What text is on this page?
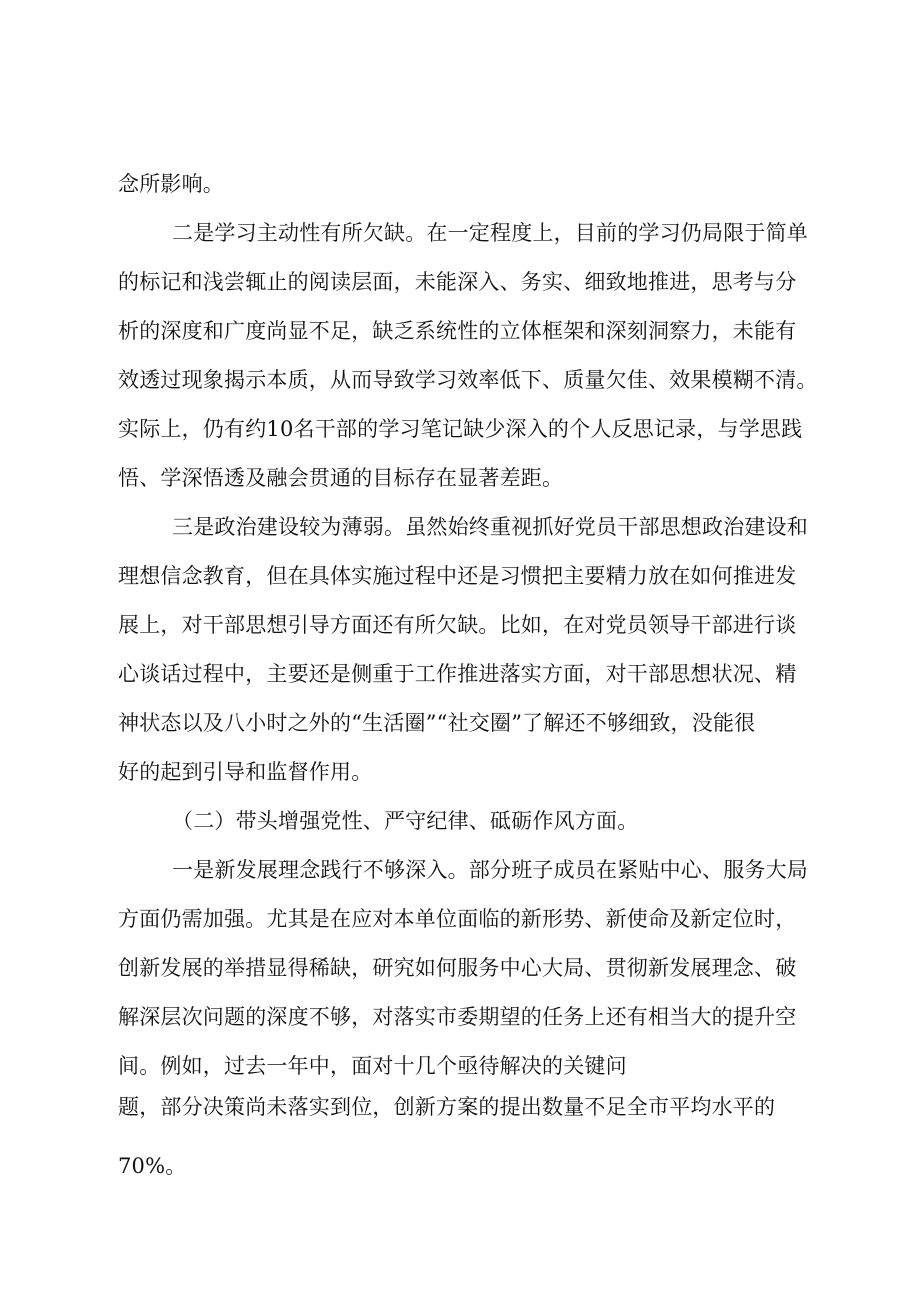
念所影响。
二是学习主动性有所欠缺。在一定程度上，目前的学习仍局限于简单
的标记和浅尝辄止的阅读层面，未能深入、务实、细致地推进，思考与分
析的深度和广度尚显不足，缺乏系统性的立体框架和深刻洞察力，未能有
效透过现象揭示本质，从而导致学习效率低下、质量欠佳、效果模糊不清。
实际上，仍有约10名干部的学习笔记缺少深入的个人反思记录，与学思践
悟、学深悟透及融会贯通的目标存在显著差距。
三是政治建设较为薄弱。虽然始终重视抓好党员干部思想政治建设和
理想信念教育，但在具体实施过程中还是习惯把主要精力放在如何推进发
展上，对干部思想引导方面还有所欠缺。比如，在对党员领导干部进行谈
心谈话过程中，主要还是侧重于工作推进落实方面，对干部思想状况、精
神状态以及八小时之外的“生活圈”“社交圈”了解还不够细致，没能很
好的起到引导和监督作用。
（二）带头增强党性、严守纪律、砥砺作风方面。
一是新发展理念践行不够深入。部分班子成员在紧贴中心、服务大局
方面仍需加强。尤其是在应对本单位面临的新形势、新使命及新定位时，
创新发展的举措显得稀缺，研究如何服务中心大局、贯彻新发展理念、破
解深层次问题的深度不够，对落实市委期望的任务上还有相当大的提升空
间。例如，过去一年中，面对十几个亟待解决的关键问
题，部分决策尚未落实到位，创新方案的提出数量不足全市平均水平的
70%。
